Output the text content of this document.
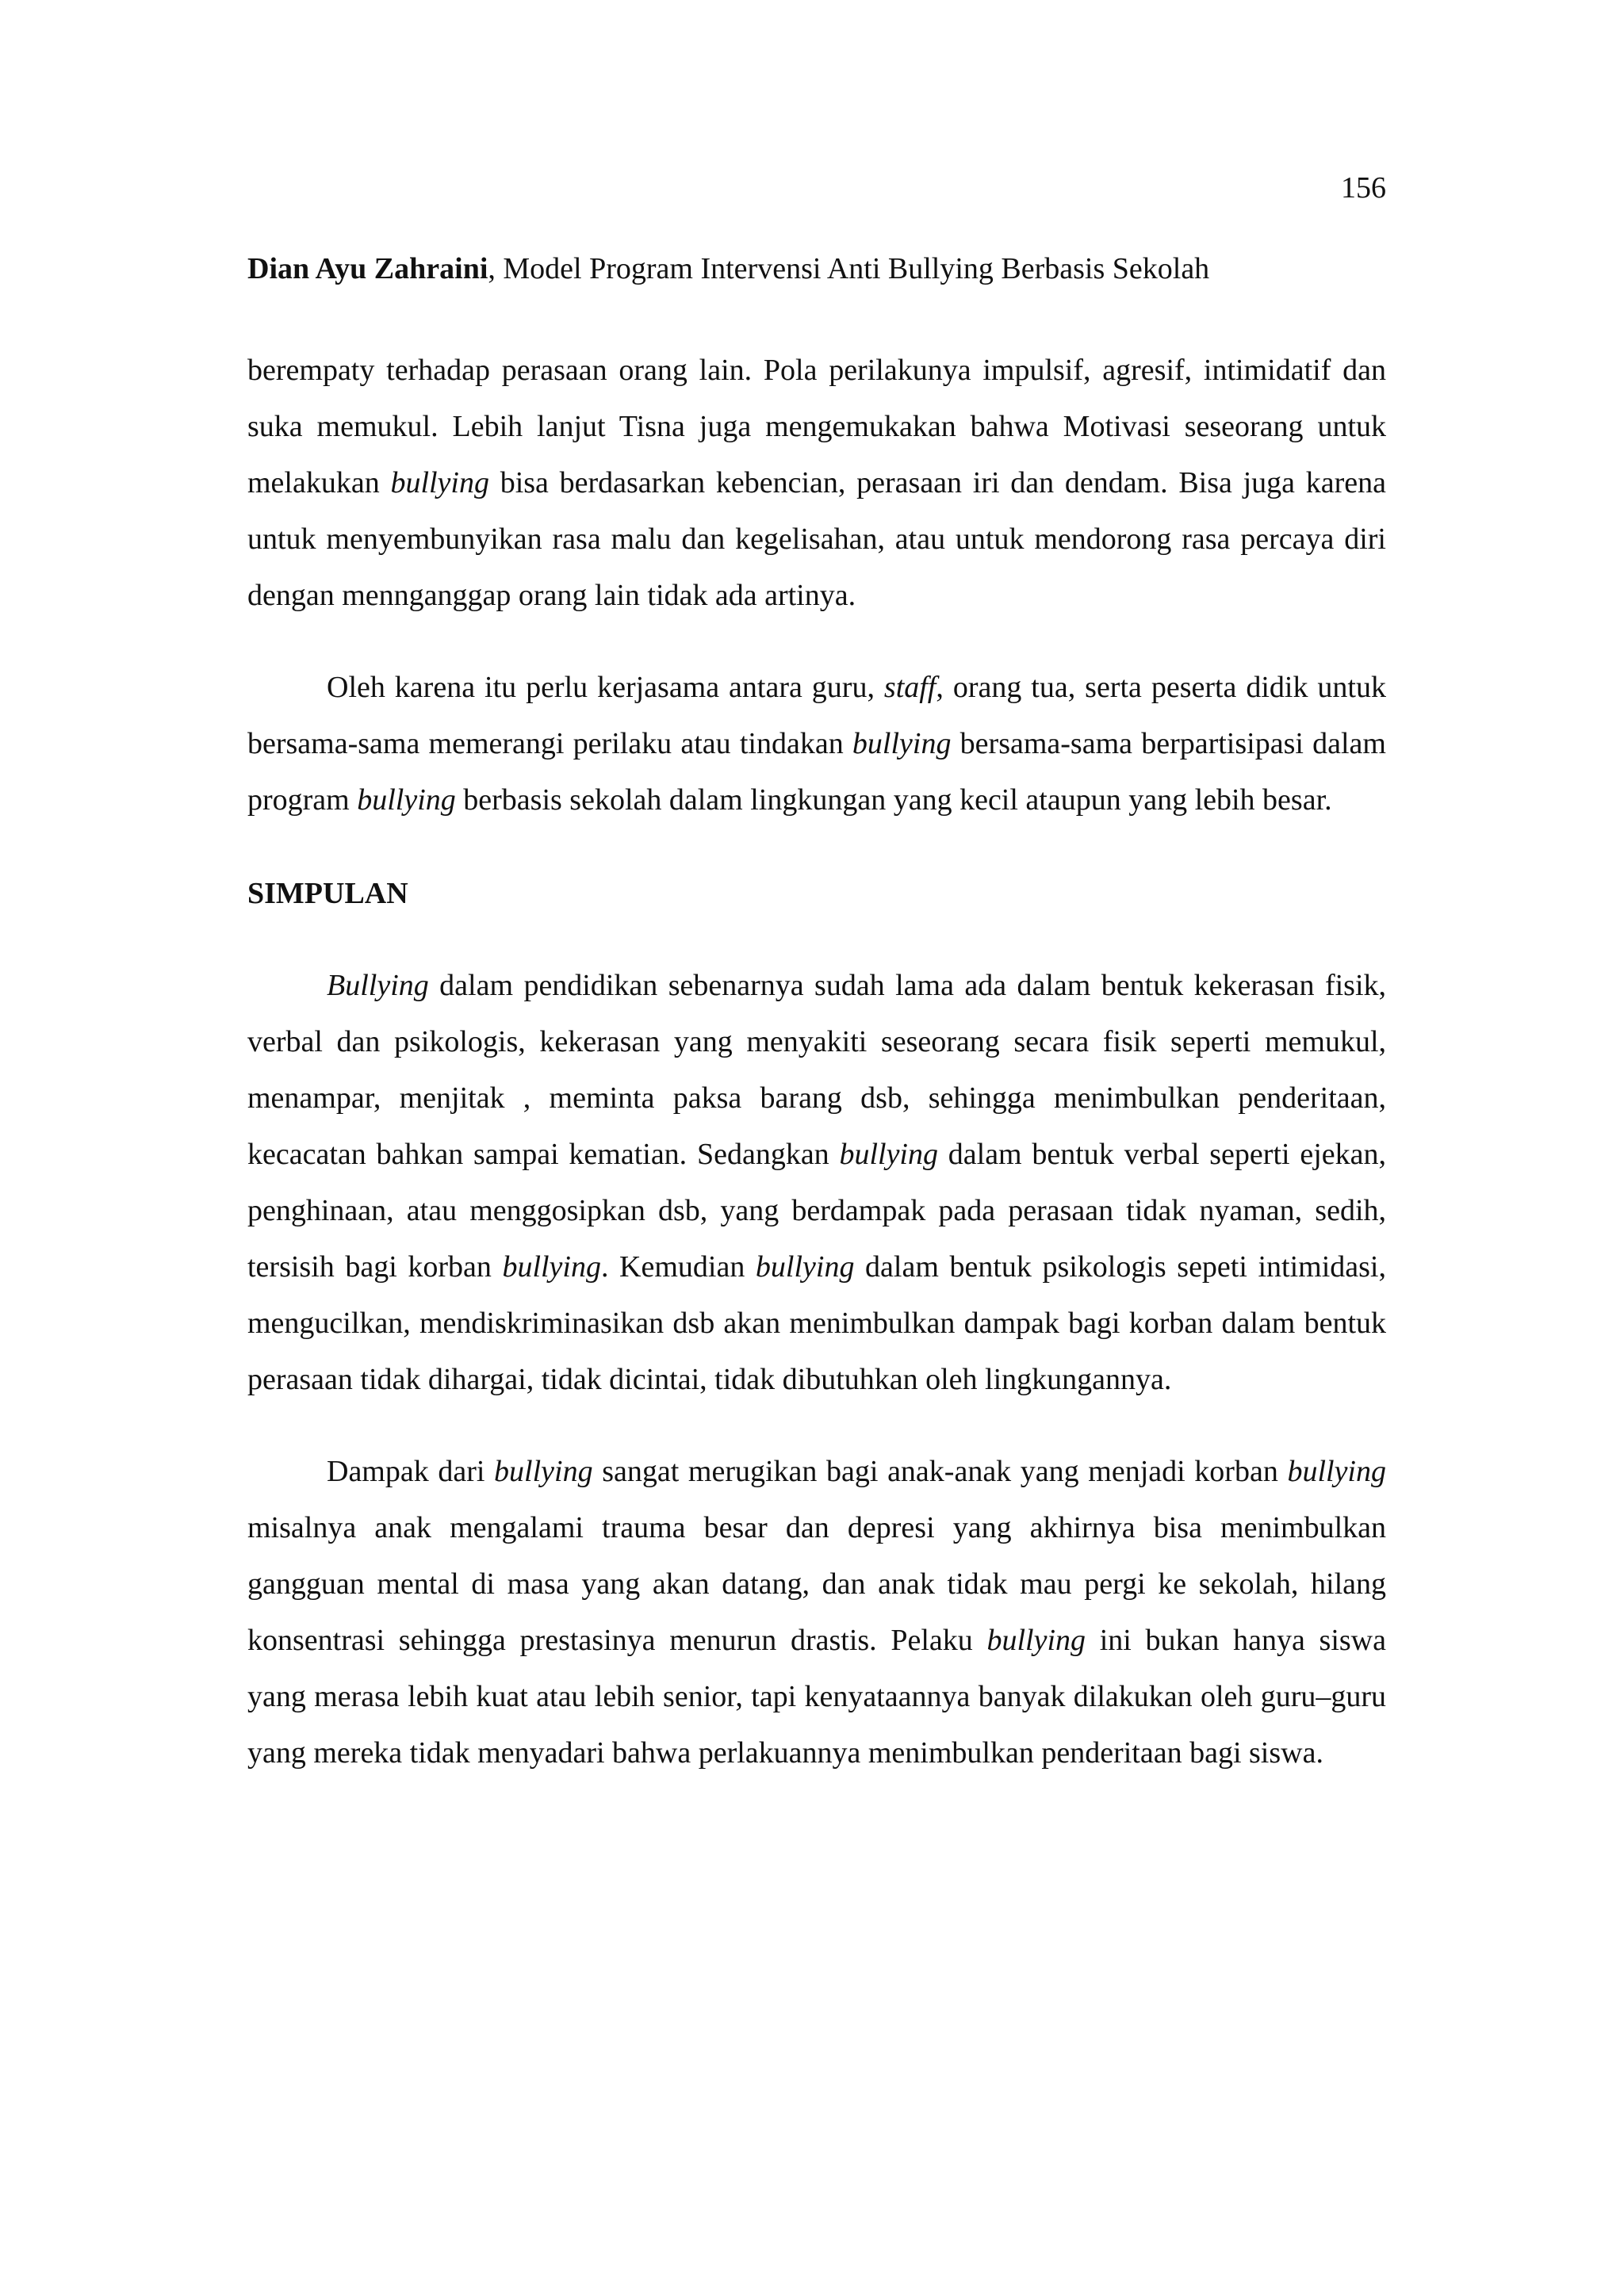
156
Dian Ayu Zahraini, Model Program Intervensi Anti Bullying Berbasis Sekolah

berempaty terhadap perasaan orang lain. Pola perilakunya impulsif, agresif, intimidatif dan suka memukul. Lebih lanjut Tisna juga mengemukakan bahwa Motivasi seseorang untuk melakukan bullying bisa berdasarkan kebencian, perasaan iri dan dendam. Bisa juga karena untuk menyembunyikan rasa malu dan kegelisahan, atau untuk mendorong rasa percaya diri dengan mennganggap orang lain tidak ada artinya.

Oleh karena itu perlu kerjasama antara guru, staff, orang tua, serta peserta didik untuk bersama-sama memerangi perilaku atau tindakan bullying bersama-sama berpartisipasi dalam program bullying berbasis sekolah dalam lingkungan yang kecil ataupun yang lebih besar.

SIMPULAN

Bullying dalam pendidikan sebenarnya sudah lama ada dalam bentuk kekerasan fisik, verbal dan psikologis, kekerasan yang menyakiti seseorang secara fisik seperti memukul, menampar, menjitak , meminta paksa barang dsb, sehingga menimbulkan penderitaan, kecacatan bahkan sampai kematian. Sedangkan bullying dalam bentuk verbal seperti ejekan, penghinaan, atau menggosipkan dsb, yang berdampak pada perasaan tidak nyaman, sedih, tersisih bagi korban bullying. Kemudian bullying dalam bentuk psikologis sepeti intimidasi, mengucilkan, mendiskriminasikan dsb akan menimbulkan dampak bagi korban dalam bentuk perasaan tidak dihargai, tidak dicintai, tidak dibutuhkan oleh lingkungannya.

Dampak dari bullying sangat merugikan bagi anak-anak yang menjadi korban bullying misalnya anak mengalami trauma besar dan depresi yang akhirnya bisa menimbulkan gangguan mental di masa yang akan datang, dan anak tidak mau pergi ke sekolah, hilang konsentrasi sehingga prestasinya menurun drastis. Pelaku bullying ini bukan hanya siswa yang merasa lebih kuat atau lebih senior, tapi kenyataannya banyak dilakukan oleh guru–guru yang mereka tidak menyadari bahwa perlakuannya menimbulkan penderitaan bagi siswa.
